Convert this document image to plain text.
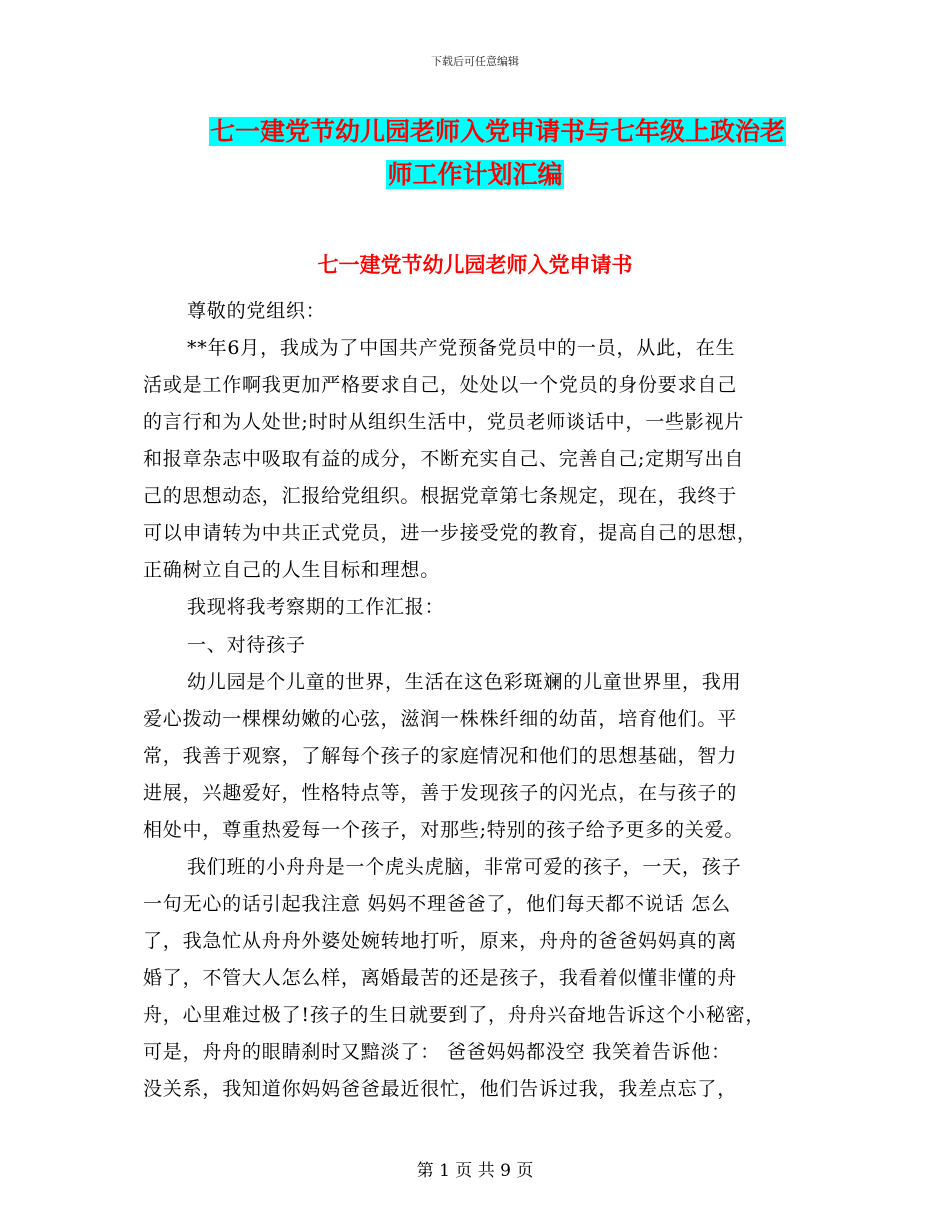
下载后可任意编辑
七一建党节幼儿园老师入党申请书与七年级上政治老
师工作计划汇编
七一建党节幼儿园老师入党申请书
尊敬的党组织：
**年6月，我成为了中国共产党预备党员中的一员，从此，在生
活或是工作啊我更加严格要求自己，处处以一个党员的身份要求自己
的言行和为人处世;时时从组织生活中，党员老师谈话中，一些影视片
和报章杂志中吸取有益的成分，不断充实自己、完善自己;定期写出自
己的思想动态，汇报给党组织。根据党章第七条规定，现在，我终于
可以申请转为中共正式党员，进一步接受党的教育，提高自己的思想，
正确树立自己的人生目标和理想。
我现将我考察期的工作汇报：
一、对待孩子
幼儿园是个儿童的世界，生活在这色彩斑斓的儿童世界里，我用
爱心拨动一棵棵幼嫩的心弦，滋润一株株纤细的幼苗，培育他们。平
常，我善于观察，了解每个孩子的家庭情况和他们的思想基础，智力
进展，兴趣爱好，性格特点等，善于发现孩子的闪光点，在与孩子的
相处中，尊重热爱每一个孩子，对那些;特别的孩子给予更多的关爱。
我们班的小舟舟是一个虎头虎脑，非常可爱的孩子，一天，孩子
一句无心的话引起我注意 妈妈不理爸爸了，他们每天都不说话 怎么
了，我急忙从舟舟外婆处婉转地打听，原来，舟舟的爸爸妈妈真的离
婚了，不管大人怎么样，离婚最苦的还是孩子，我看着似懂非懂的舟
舟，心里难过极了!孩子的生日就要到了，舟舟兴奋地告诉这个小秘密，
可是，舟舟的眼睛刹时又黯淡了： 爸爸妈妈都没空 我笑着告诉他：
没关系，我知道你妈妈爸爸最近很忙，他们告诉过我，我差点忘了，
第 1 页 共 9 页
